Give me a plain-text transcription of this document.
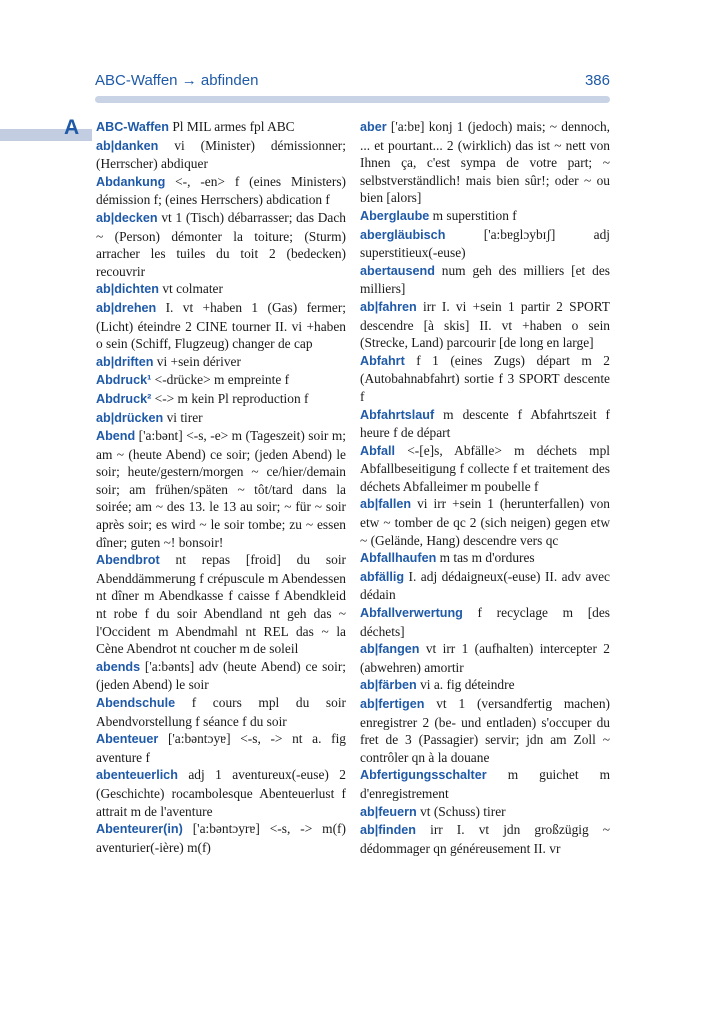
ABC-Waffen → abfinden	386
A ABC-Waffen Pl MIL armes fpl ABC

ab|danken vi (Minister) démissionner; (Herrscher) abdiquer

Abdankung <-, -en> f (eines Ministers) démission f; (eines Herrschers) abdication f

ab|decken vt 1 (Tisch) débarrasser; das Dach ~ (Person) démonter la toiture; (Sturm) arracher les tuiles du toit 2 (bedecken) recouvrir

ab|dichten vt colmater

ab|drehen I. vt +haben 1 (Gas) fermer; (Licht) éteindre 2 CINE tourner II. vi +haben o sein (Schiff, Flugzeug) changer de cap

ab|driften vi +sein dériver

Abdruck¹ <-drücke> m empreinte f

Abdruck² <-> m kein Pl reproduction f

ab|drücken vi tirer

Abend ['a:bənt] <-s, -e> m (Tageszeit) soir m; am ~ (heute Abend) ce soir; (jeden Abend) le soir; heute/gestern/morgen ~ ce/hier/demain soir; am frühen/späten ~ tôt/tard dans la soirée; am ~ des 13. le 13 au soir; ~ für ~ soir après soir; es wird ~ le soir tombe; zu ~ essen dîner; guten ~! bonsoir!

Abendbrot nt repas [froid] du soir Abenddämmerung f crépuscule m Abendessen nt dîner m Abendkasse f caisse f Abendkleid nt robe f du soir Abendland nt geh das ~ l'Occident m Abendmahl nt REL das ~ la Cène Abendrot nt coucher m de soleil

abends ['a:bənts] adv (heute Abend) ce soir; (jeden Abend) le soir

Abendschule f cours mpl du soir Abendvorstellung f séance f du soir

Abenteuer ['a:bəntɔyɐ] <-s, -> nt a. fig aventure f

abenteuerlich adj 1 aventureux(-euse) 2 (Geschichte) rocambolesque Abenteuerlust f attrait m de l'aventure

Abenteurer(in) ['a:bəntɔyrɐ] <-s, -> m(f) aventurier(-ière) m(f)

aber ['a:bɐ] konj 1 (jedoch) mais; ~ dennoch, ... et pourtant... 2 (wirklich) das ist ~ nett von Ihnen ça, c'est sympa de votre part; ~ selbstverständlich! mais bien sûr!; oder ~ ou bien [alors]

Aberglaube m superstition f

abergläubisch	['a:bɐglɔybɪʃ] adj superstitieux(-euse)

abertausend num geh des milliers [et des milliers]

ab|fahren irr I. vi +sein 1 partir 2 SPORT descendre [à skis] II. vt +haben o sein (Strecke, Land) parcourir [de long en large]

Abfahrt f 1 (eines Zugs) départ m 2 (Autobahnabfahrt) sortie f 3 SPORT descente f

Abfahrtslauf m descente f Abfahrtszeit f heure f de départ

Abfall <-[e]s, Abfälle> m déchets mpl Abfallbeseitigung f collecte f et traitement des déchets Abfalleimer m poubelle f

ab|fallen vi irr +sein 1 (herunterfallen) von etw ~ tomber de qc 2 (sich neigen) gegen etw ~ (Gelände, Hang) descendre vers qc

Abfallhaufen m tas m d'ordures

abfällig I. adj dédaigneux(-euse) II. adv avec dédain

Abfallverwertung f recyclage m [des déchets]

ab|fangen vt irr 1 (aufhalten) intercepter 2 (abwehren) amortir

ab|färben vi a. fig déteindre

ab|fertigen vt 1 (versandfertig machen) enregistrer 2 (be- und entladen) s'occuper du fret de 3 (Passagier) servir; jdn am Zoll ~ contrôler qn à la douane

Abfertigungsschalter m guichet m d'enregistrement

ab|feuern vt (Schuss) tirer

ab|finden irr I. vt jdn großzügig ~ dédommager qn généreusement II. vr
